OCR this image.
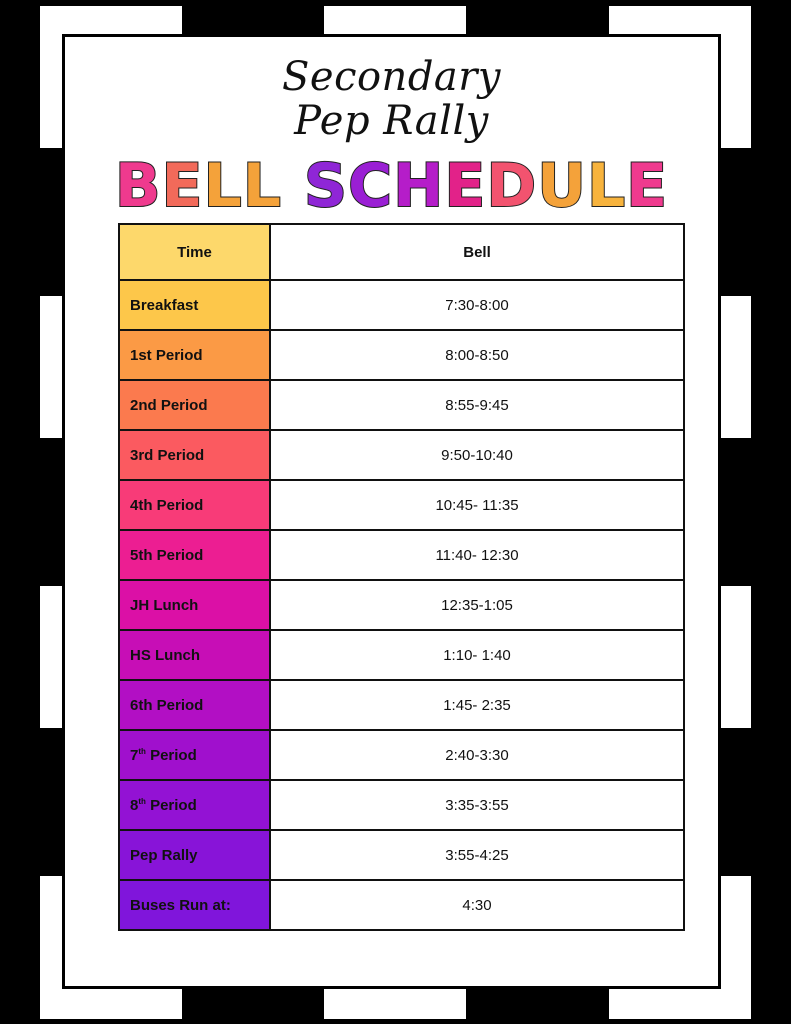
Secondary
Pep Rally
BELL SCHEDULE
Time	Bell
Breakfast	7:30-8:00
1st Period	8:00-8:50
2nd Period	8:55-9:45
3rd Period	9:50-10:40
4th Period	10:45- 11:35
5th Period	11:40- 12:30
JH Lunch	12:35-1:05
HS Lunch	1:10- 1:40
6th Period	1:45- 2:35
7th Period	2:40-3:30
8th Period	3:35-3:55
Pep Rally	3:55-4:25
Buses Run at:	4:30
